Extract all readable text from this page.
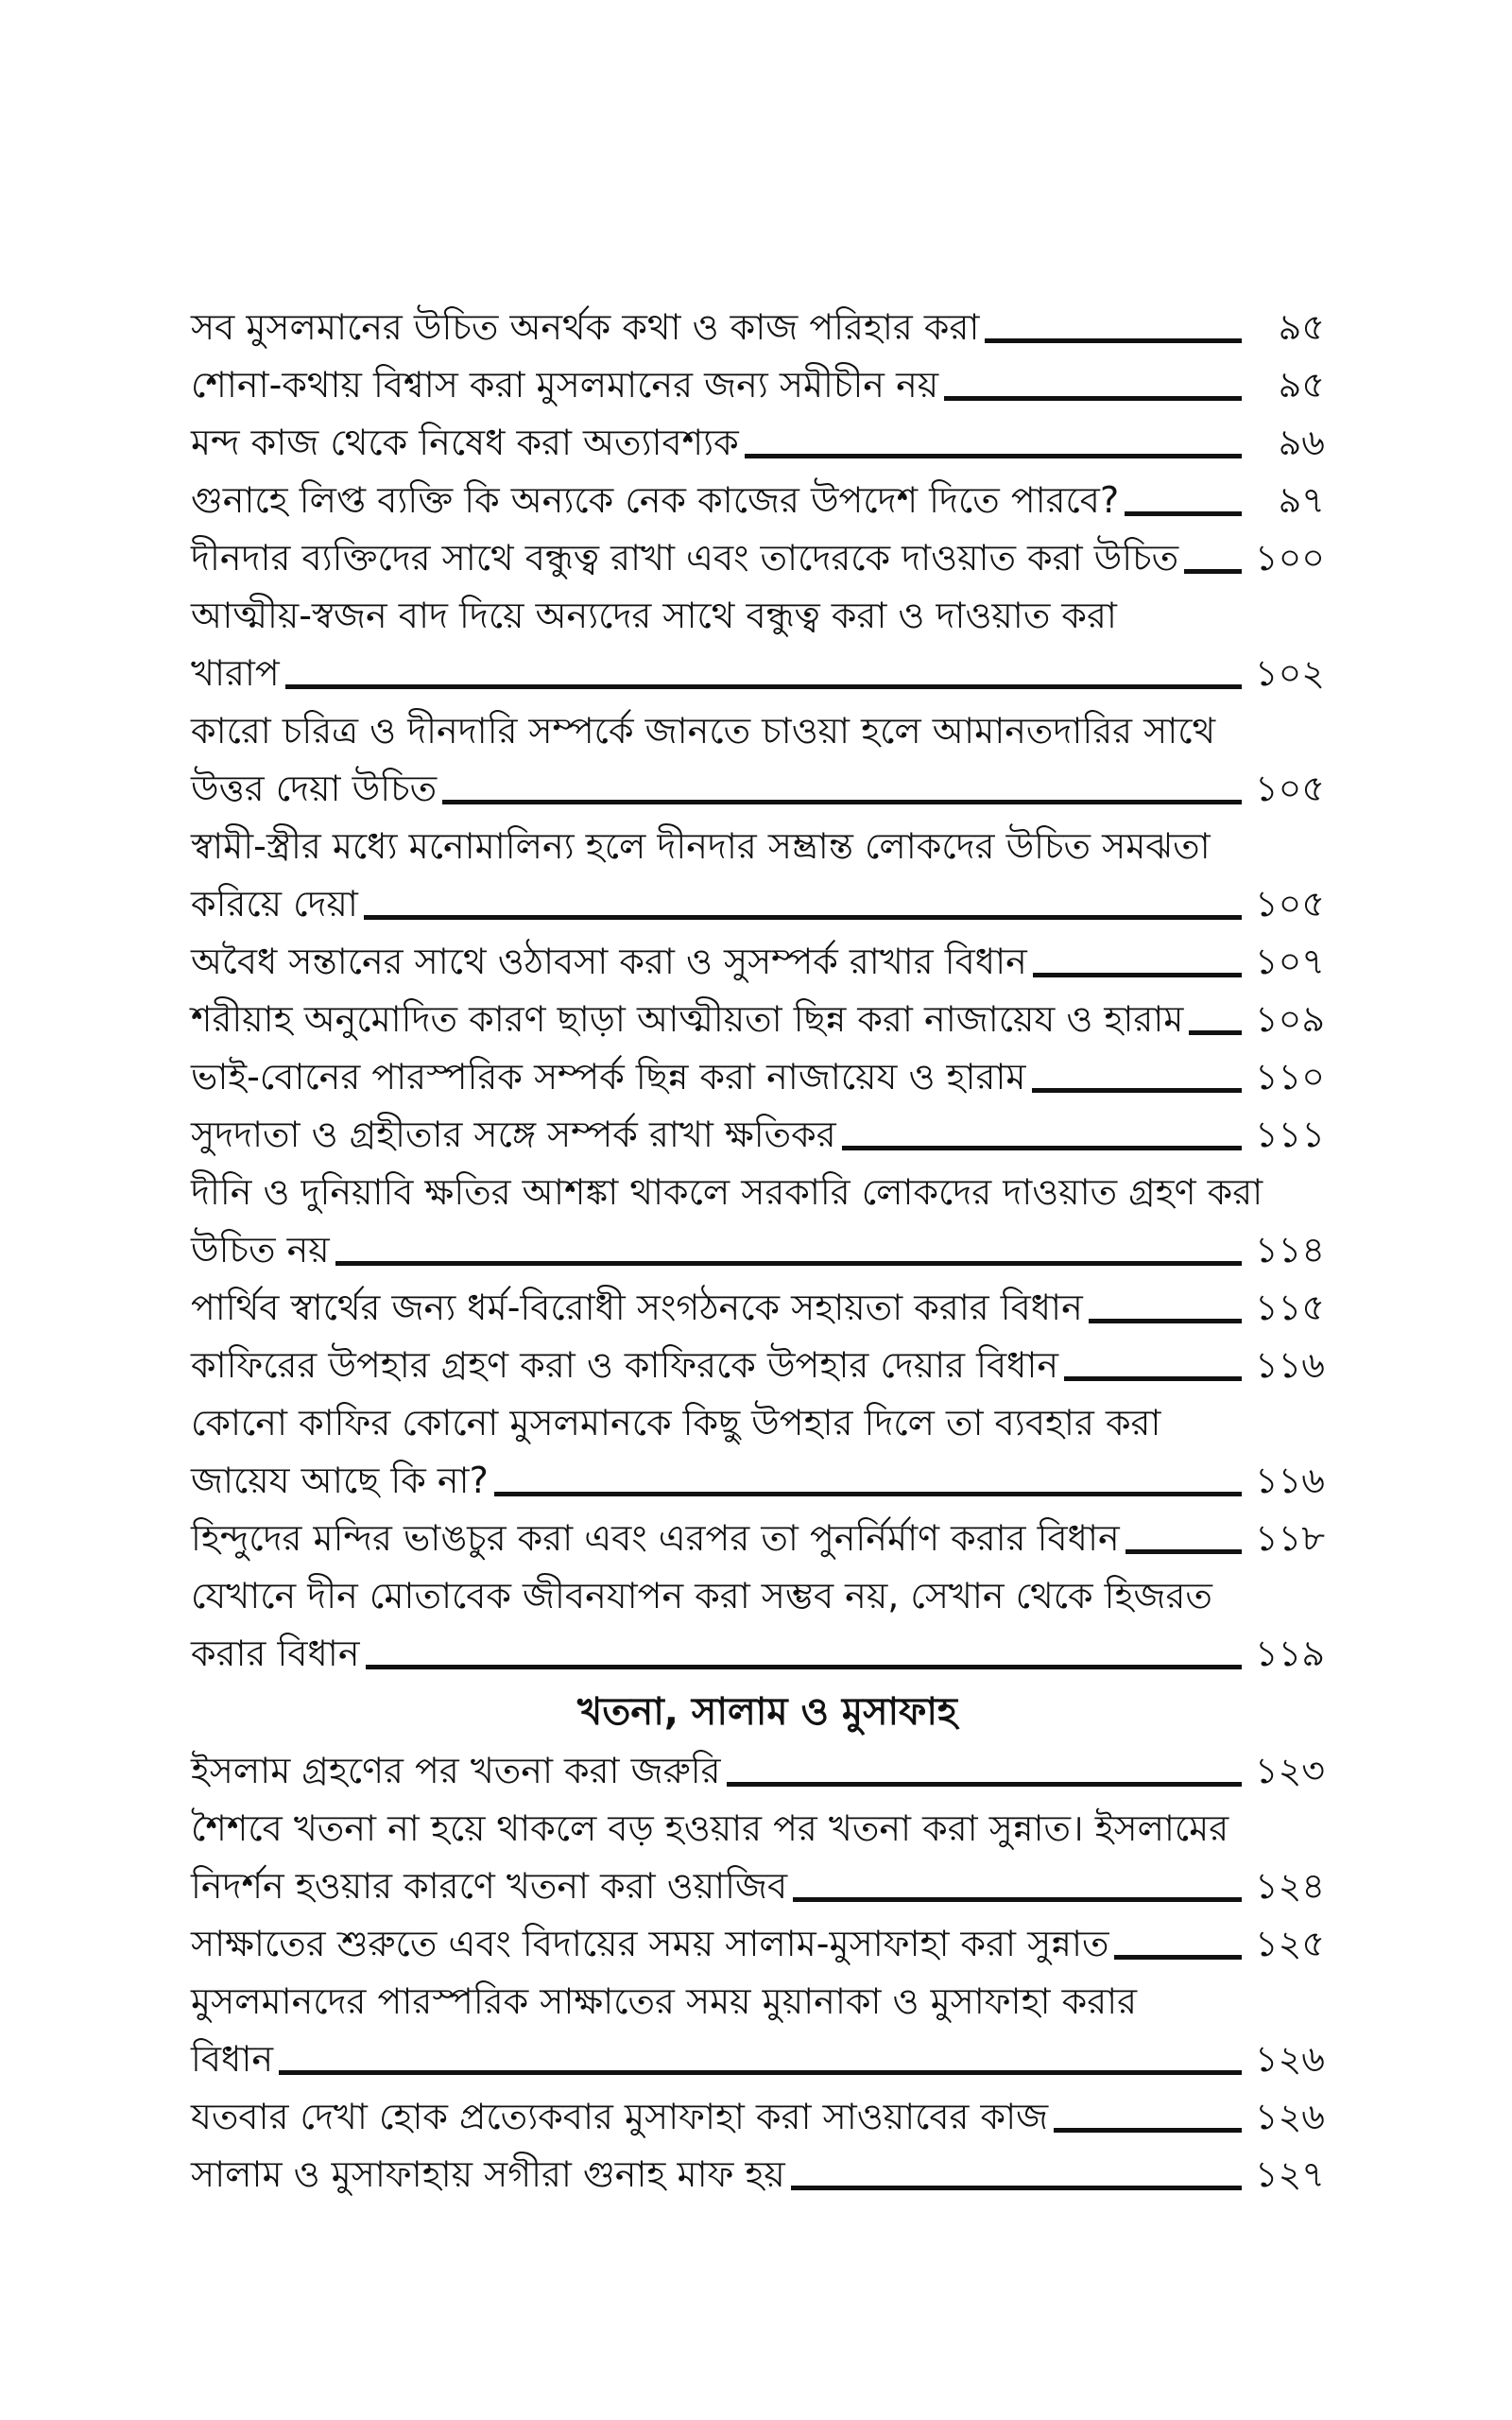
সব মুসলমানের উচিত অনর্থক কথা ও কাজ পরিহার করা	৯৫
শোনা-কথায় বিশ্বাস করা মুসলমানের জন্য সমীচীন নয়	৯৫
মন্দ কাজ থেকে নিষেধ করা অত্যাবশ্যক	৯৬
গুনাহে লিপ্ত ব্যক্তি কি অন্যকে নেক কাজের উপদেশ দিতে পারবে?	৯৭
দীনদার ব্যক্তিদের সাথে বন্ধুত্ব রাখা এবং তাদেরকে দাওয়াত করা উচিত ১০০
আত্মীয়-স্বজন বাদ দিয়ে অন্যদের সাথে বন্ধুত্ব করা ও দাওয়াত করা
খারাপ	১০২
কারো চরিত্র ও দীনদারি সম্পর্কে জানতে চাওয়া হলে আমানতদারির সাথে
উত্তর দেয়া উচিত	১০৫
স্বামী-স্ত্রীর মধ্যে মনোমালিন্য হলে দীনদার সম্ভ্রান্ত লোকদের উচিত সমঝতা
করিয়ে দেয়া	১০৫
অবৈধ সন্তানের সাথে ওঠাবসা করা ও সুসম্পর্ক রাখার বিধান	১০৭
শরীয়াহ অনুমোদিত কারণ ছাড়া আত্মীয়তা ছিন্ন করা নাজায়েয ও হারাম ১০৯
ভাই-বোনের পারস্পরিক সম্পর্ক ছিন্ন করা নাজায়েয ও হারাম	১১০
সুদদাতা ও গ্রহীতার সঙ্গে সম্পর্ক রাখা ক্ষতিকর	১১১
দীনি ও দুনিয়াবি ক্ষতির আশঙ্কা থাকলে সরকারি লোকদের দাওয়াত গ্রহণ করা
উচিত নয়	১১৪
পার্থিব স্বার্থের জন্য ধর্ম-বিরোধী সংগঠনকে সহায়তা করার বিধান	১১৫
কাফিরের উপহার গ্রহণ করা ও কাফিরকে উপহার দেয়ার বিধান	১১৬
কোনো কাফির কোনো মুসলমানকে কিছু উপহার দিলে তা ব্যবহার করা
জায়েয আছে কি না?	১১৬
হিন্দুদের মন্দির ভাঙচুর করা এবং এরপর তা পুনর্নির্মাণ করার বিধান	১১৮
যেখানে দীন মোতাবেক জীবনযাপন করা সম্ভব নয়, সেখান থেকে হিজরত
করার বিধান	১১৯
খতনা, সালাম ও মুসাফাহ
ইসলাম গ্রহণের পর খতনা করা জরুরি	১২৩
শৈশবে খতনা না হয়ে থাকলে বড় হওয়ার পর খতনা করা সুন্নাত। ইসলামের
নিদর্শন হওয়ার কারণে খতনা করা ওয়াজিব	১২৪
সাক্ষাতের শুরুতে এবং বিদায়ের সময় সালাম-মুসাফাহা করা সুন্নাত	১২৫
মুসলমানদের পারস্পরিক সাক্ষাতের সময় মুয়ানাকা ও মুসাফাহা করার
বিধান	১২৬
যতবার দেখা হোক প্রত্যেকবার মুসাফাহা করা সাওয়াবের কাজ	১২৬
সালাম ও মুসাফাহায় সগীরা গুনাহ মাফ হয়	১২৭
